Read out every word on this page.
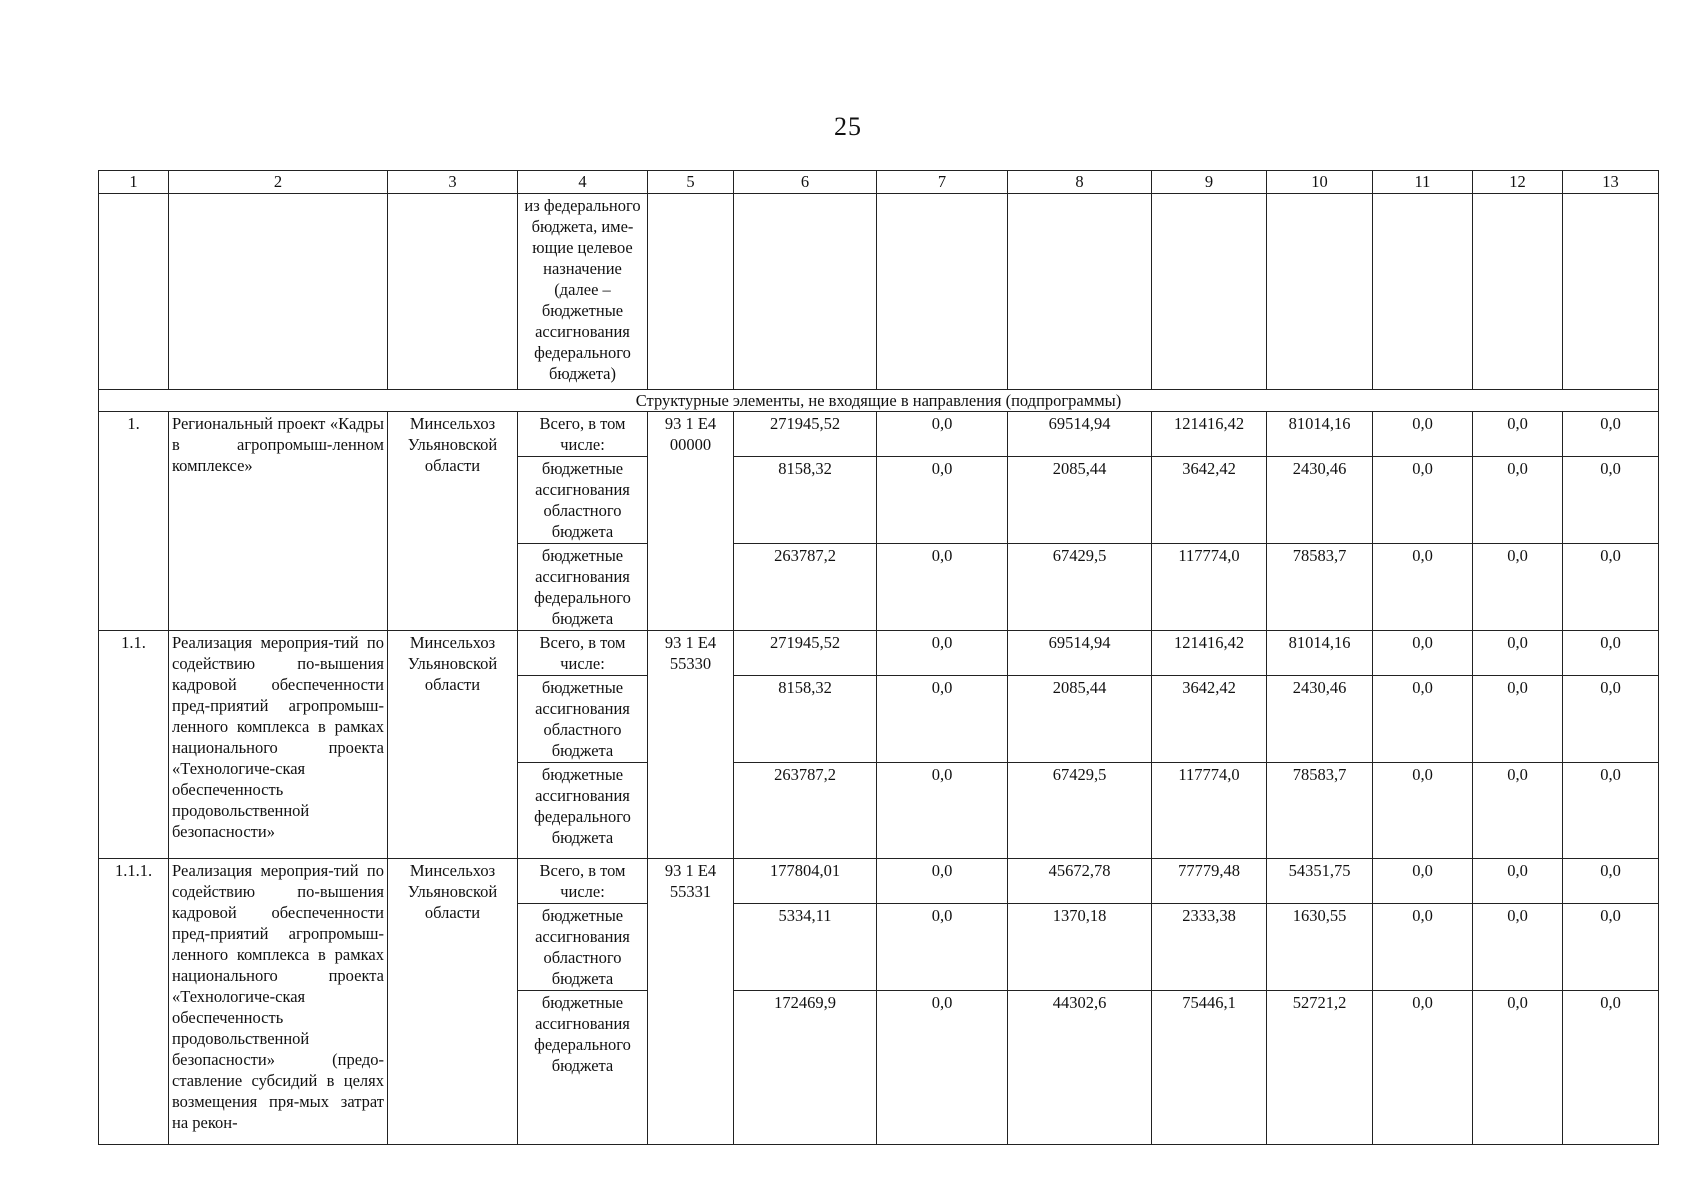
25
1	2	3	4	5	6	7	8	9	10	11	12	13
			из федерального бюджета, име-ющие целевое назначение (далее – бюджетные ассигнования федерального бюджета)									
Структурные элементы, не входящие в направления (подпрограммы)												
1.	Региональный проект «Кадры в агропромыш-ленном комплексе»	Минсельхоз Ульяновской области	Всего, в том числе:	93 1 Е4 00000	271945,52	0,0	69514,94	121416,42	81014,16	0,0	0,0	0,0
			бюджетные ассигнования областного бюджета		8158,32	0,0	2085,44	3642,42	2430,46	0,0	0,0	0,0
			бюджетные ассигнования федерального бюджета		263787,2	0,0	67429,5	117774,0	78583,7	0,0	0,0	0,0
1.1.	Реализация мероприя-тий по содействию по-вышения кадровой обеспеченности пред-приятий агропромыш-ленного комплекса в рамках национального проекта «Технологиче-ская обеспеченность продовольственной безопасности»	Минсельхоз Ульяновской области	Всего, в том числе:	93 1 Е4 55330	271945,52	0,0	69514,94	121416,42	81014,16	0,0	0,0	0,0
			бюджетные ассигнования областного бюджета		8158,32	0,0	2085,44	3642,42	2430,46	0,0	0,0	0,0
			бюджетные ассигнования федерального бюджета		263787,2	0,0	67429,5	117774,0	78583,7	0,0	0,0	0,0
1.1.1.	Реализация мероприя-тий по содействию по-вышения кадровой обеспеченности пред-приятий агропромыш-ленного комплекса в рамках национального проекта «Технологиче-ская обеспеченность продовольственной безопасности» (предо-ставление субсидий в целях возмещения пря-мых затрат на рекон-	Минсельхоз Ульяновской области	Всего, в том числе:	93 1 Е4 55331	177804,01	0,0	45672,78	77779,48	54351,75	0,0	0,0	0,0
			бюджетные ассигнования областного бюджета		5334,11	0,0	1370,18	2333,38	1630,55	0,0	0,0	0,0
			бюджетные ассигнования федерального бюджета		172469,9	0,0	44302,6	75446,1	52721,2	0,0	0,0	0,0
